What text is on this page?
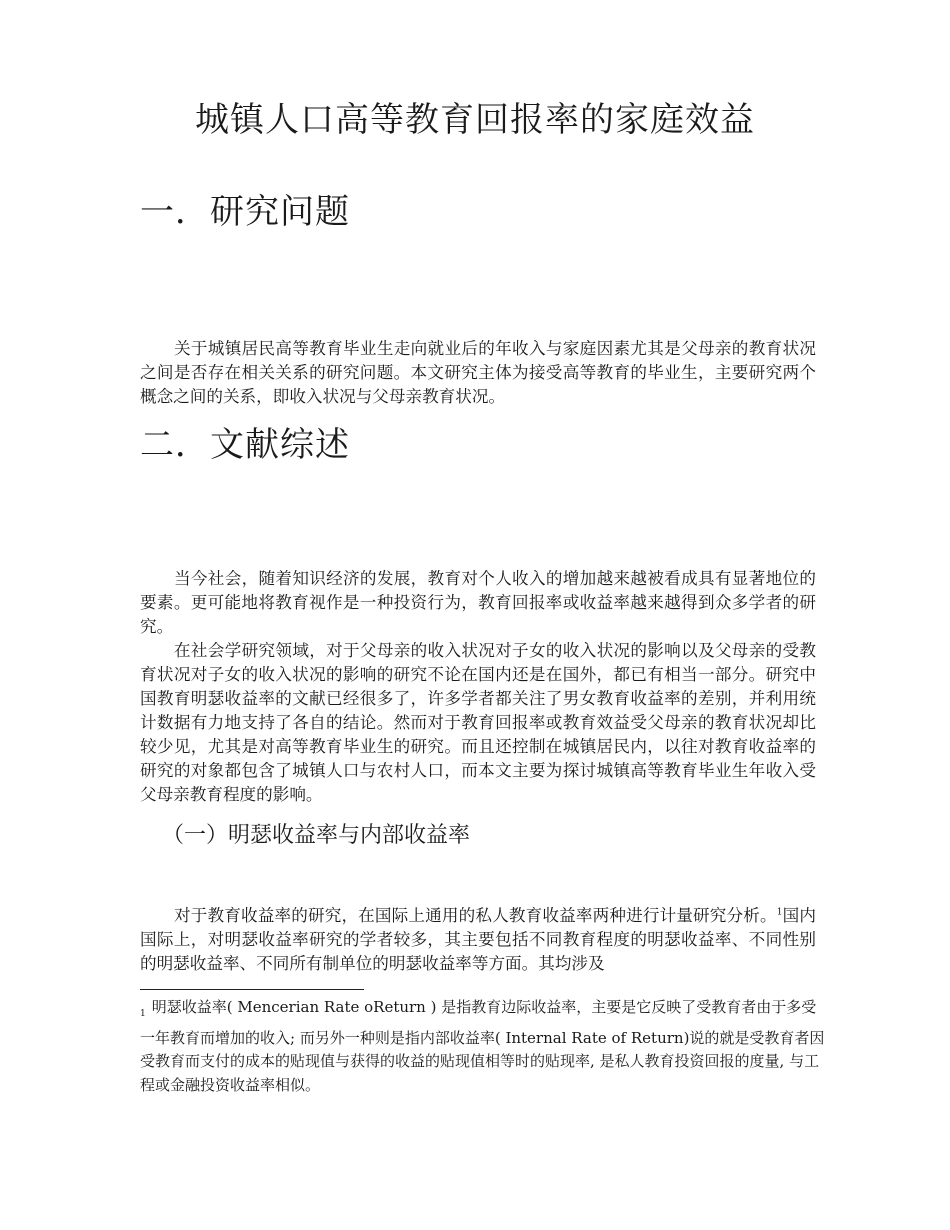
城镇人口高等教育回报率的家庭效益
一．研究问题

关于城镇居民高等教育毕业生走向就业后的年收入与家庭因素尤其是父母亲的教育状况之间是否存在相关关系的研究问题。本文研究主体为接受高等教育的毕业生，主要研究两个概念之间的关系，即收入状况与父母亲教育状况。

二．文献综述

当今社会，随着知识经济的发展，教育对个人收入的增加越来越被看成具有显著地位的要素。更可能地将教育视作是一种投资行为，教育回报率或收益率越来越得到众多学者的研究。

在社会学研究领域，对于父母亲的收入状况对子女的收入状况的影响以及父母亲的受教育状况对子女的收入状况的影响的研究不论在国内还是在国外，都已有相当一部分。研究中国教育明瑟收益率的文献已经很多了，许多学者都关注了男女教育收益率的差别，并利用统计数据有力地支持了各自的结论。然而对于教育回报率或教育效益受父母亲的教育状况却比较少见，尤其是对高等教育毕业生的研究。而且还控制在城镇居民内，以往对教育收益率的研究的对象都包含了城镇人口与农村人口，而本文主要为探讨城镇高等教育毕业生年收入受父母亲教育程度的影响。

（一）明瑟收益率与内部收益率

对于教育收益率的研究，在国际上通用的私人教育收益率两种进行计量研究分析。$^1$国内国际上，对明瑟收益率研究的学者较多，其主要包括不同教育程度的明瑟收益率、不同性别的明瑟收益率、不同所有制单位的明瑟收益率等方面。其均涉及

$_1$ 明瑟收益率( Mencerian Rate oReturn ) 是指教育边际收益率，主要是它反映了受教育者由于多受一年教育而增加的收入; 而另外一种则是指内部收益率( Internal Rate of Return)说的就是受教育者因受教育而支付的成本的贴现值与获得的收益的贴现值相等时的贴现率, 是私人教育投资回报的度量, 与工程或金融投资收益率相似。
